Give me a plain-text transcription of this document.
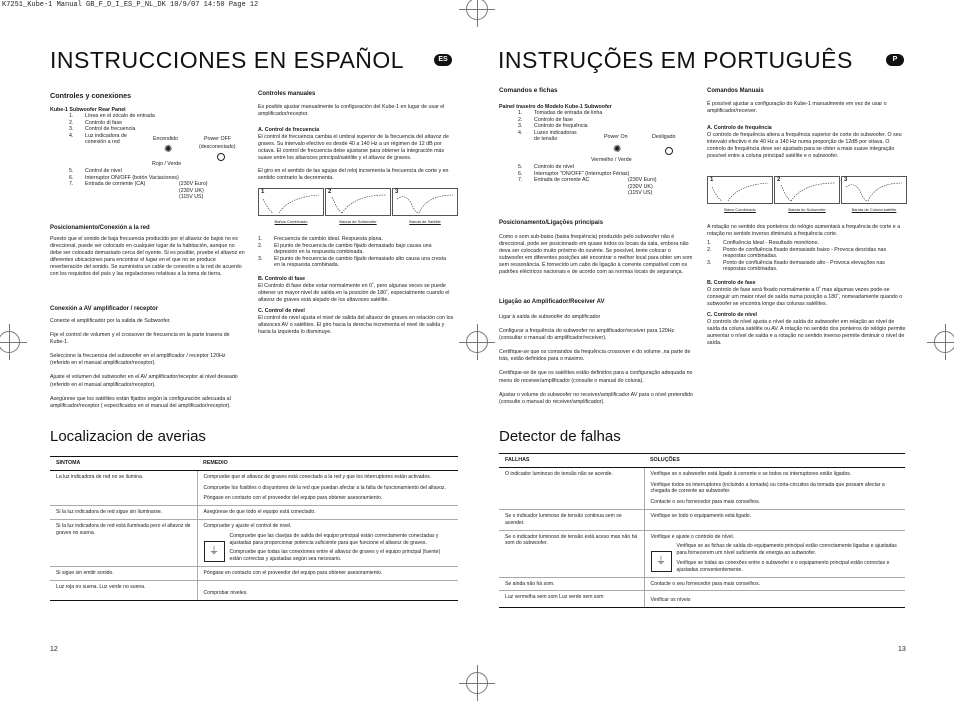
K7251_Kube-1 Manual GB_F_D_I_ES_P_NL_DK 10/9/07 14:50 Page 12
INSTRUCCIONES EN ESPAÑOL	ES
Controles y conexiones
Kube-1 Subwoofer Rear Panel
1. Línea en el zócalo de entrada
2. Controlo di fase
3. Control de frecuencia
4. Luz indicadora de
conexión a red
Encendido	Power OFF
(desconectado)
✺
Rojo / Verde
5. Control de nivel
6. Interruptor ON/OFF (botón Vaciaciones)
7. Entrada de corriente (CA)	(230V Euro)
(230V UK)
(115V US)
Posicionamiento/Conexión a la red
Puesto que el sonido de baja frecuencia producido por el altavoz de bajos no es direccional, puede ser colocado en cualquier lugar de la habitación, aunque no debe ser colocado demasiado cerca del oyente. Si es posible, pruebe el altavoz en diferentes ubicaciones para encontrar el lugar en el que no se produce reverberación del sonido. Se suministra un cable de conexión a la red de acuerdo con los requisitos del país y las regulaciones relativas a la toma de tierra.
Conexión a AV amplificador / receptor
Conecte el amplificador por la salida de Subwoofer.
Fije el control de volumen y el crossover de frecuencia en la parte trasera de Kube-1.
Seleccione la frecuencia del subwoofer en el amplificador / receptor 120Hz (referido en el manual amplificador/receptor).
Ajuste el volumen del subwoofer en el AV amplificador/receptor al nivel deseado (referido en el manual amplificador/receptor).
Asegúrese que los satélites están fijados según la configuración adecuada al amplificador/receptor ( especificados en el manual del amplificador/receptor).
Controles manuales
Es posible ajustar manualmente la configuración del Kube-1 en lugar de usar el amplificador/receptor.
A. Control de frecuencia
El control de frecuencia cambia el umbral superior de la frecuencia del altavoz de graves. Su intervalo efectivo es desde 40 a 140 Hz a un régimen de 12 dB por octava. El control de frecuencia debe ajustarse para obtener la integración más suave entre los altavoces principal/satélite y el altavoz de graves.
El giro en el sentido de las agujas del reloj incrementa la frecuencia de corte y en sentido contrario la decrementa.
1
Baños Combinado
2
Banda de Subwoofer
3
Banda de Satélite
1. Frecuencia de cambio ideal. Respuesta plana.
2. El punto de frecuencia de cambio fijado demasiado bajo causa una
depresión en la respuesta combinada.
3. El punto de frecuencia de cambio fijado demasiado alto causa una cresta
en la respuesta combinada.
B. Controlo di fase
El Controlo di fase debe estar normalmente en 0˚, pero algunas veces se puede obtener un mayor nivel de salida en la posición de 180˚, especialmente cuando el altavoz de graves está alejado de los altavoces satélite.
C. Control de nivel
El control de nivel ajusta el nivel de salida del altavoz de graves en relación con los altavoces AV o satélites. El giro hacia la derecha incrementa el nivel de salida y hacia la izquierda lo disminuye.
Localizacion de averias
SINTOMA	REMEDIO
La luz indicadora de red no se ilumina.	Compruebe que el altavoz de graves está conectado a la red y que los interruptores están activados.
Compruebe los fusibles o disyuntores de la red que puedan afectar a la falta de funcionamiento del altavoz.
Póngase en contacto con el proveedor del equipo para obtener asesoramiento.

Si la luz indicadora de red sigue sin iluminarse.	Asegúrese de que todo el equipo está conectado.
Si la luz indicadora de red está iluminada pero el altavoz de graves no suena.	Compruebe y ajuste el control de nivel.
⏚
Compruebe que las clavijas de salida del equipo principal están correctamente conectadas y ajustadas para proporcionar potencia suficiente para que funcione el altavoz de graves.
Compruebe que todas las conexiones entre el altavoz de graves y el equipo principal (fuente) están correctas y ajustadas según sea necesario.

Si sigue sin emitir sonido.	Póngase en contacto con el proveedor del equipo para obtener asesoramiento.
Luz roja no suena. Luz verde no suena.	Comprobar niveles.
12
INSTRUÇÕES EM PORTUGUÊS	P
Comandos e fichas
Painel traseiro do Modelo Kube-1 Subwoofer
1. Tomadas de entrada de linha
2. Controlo de fase
3. Controlo de frequência
4. Luzes indicadoras
de tensão	Power On	Desligado
✺
Vermelho / Verde
5. Controlo de nível
6. Interruptor "ON/OFF" (Interruptor Férias)
7. Entrada de corrente AC	(230V Euro)
(230V UK)
(115V US)
Posicionamento/Ligações principais
Como o som sub-baixo (baixa frequência) produzido pelo subwoofer não é direccional, pode ser posicionado em quase todos os locais da sala, embora não deva ser colocado muito próximo do ouvinte. Se possível, tente colocar o subwoofer em diferentes posições até encontrar o melhor local para obter um som sem ressonância. É fornecido um cabo de ligação à corrente compatível com os padrões eléctricos nacionais e de acordo com as normas locais de segurança.
Ligação ao Amplificador/Receiver AV
Ligar à saída de subwoofer do amplificador
Configurar a frequência do subwoofer no amplificador/receiver para 120Hz (consultar o manual do amplificador/receiver).
Certifique-se que os comandos da frequência crossover e do volume ,na parte de trás, estão definidos para o máximo.
Certifique-se de que os satélites estão definidos para a configuração adequada no menu do receiver/amplificador (consulte o manual do coluna).
Ajustar o volume do subwoofer no receiver/amplificador AV para o nível pretendido (consulte o manual do receiver/amplificador).
Comandos Manuais
É possível ajustar a configuração do Kube-1 manualmente em vez de usar o amplificador/receiver.
A. Controlo de frequência
O controlo de frequência altera a frequência superior de corte do subwoofer. O seu intervalo efectivo é de 40 Hz a 140 Hz numa proporção de 12dB por oitava. O controlo de frequência deve ser ajustado para se obter a mais suave integração possível entre a coluna principal/ satélite e o subwoofer.
1
Baixo Combinado
2
Banda do Subwoofer
3
Banda de Coluna satélite
A rotação no sentido dos ponteiros do relógio aumentará a frequência de corte e a rotação no sentido inverso diminuirá a frequência corte.
1. Confluência Ideal - Resultado monótono.
2. Ponto de confluência fixado demasiado baixo - Provoca descidas nas
respostas combinadas.
3. Ponto de confluência fixado demasiado alto - Provoca elevações nas
respostas combinadas.
B. Controlo de fase
O controlo de fase será fixado normalmente a 0˚ mas algumas vezes pode-se conseguir um maior nível de saída numa posição a 180˚, nomeadamente quando o subwoofer se encontra longe das colunas satélites.
C. Controlo de nível
O controlo de nível ajusta o nível de saída do subwoofer em relação ao nível de saída da coluna satélite ou AV. A rotação no sentido dos ponteiros do relógio permite aumentar o nível de saída e a rotação no sentido inverso permite diminuir o nível de saída.
Detector de falhas
FALLHAS	SOLUÇÕES
O indicador luminoso de tensão não se acende.	Verifique se o subwoofer está ligado à corrente e se todos os interruptores estão ligados.
Verifique todos os interruptores (incluindo a tomada) ou corta-circuitos da tomada que possam afectar a chegada de corrente ao subwoofer.
Contacte o seu fornecedor para mais conselhos.

Se o indicador luminoso de tensão continua sem se acender.	Verifique se todo o equipamento está ligado.
Se o indicador luminoso de tensão está aceso mas não há som do subwoofer.	Verifique e ajuste o controlo de nível.
⏚
Verifique se as fichas de saída do equipamento principal estão correctamente ligadas e ajustadas para fornecerem um nível suficiente de energia ao subwoofer.
Verifique se todas as conexões entre o subwoofer e o equipamento principal estão correctas e ajustadas convenientemente.

Se ainda não há som.	Contacte o seu fornecedor para mais conselhos.
Luz vermelha sem som Luz verde sem som	Verificar os níveis
13
